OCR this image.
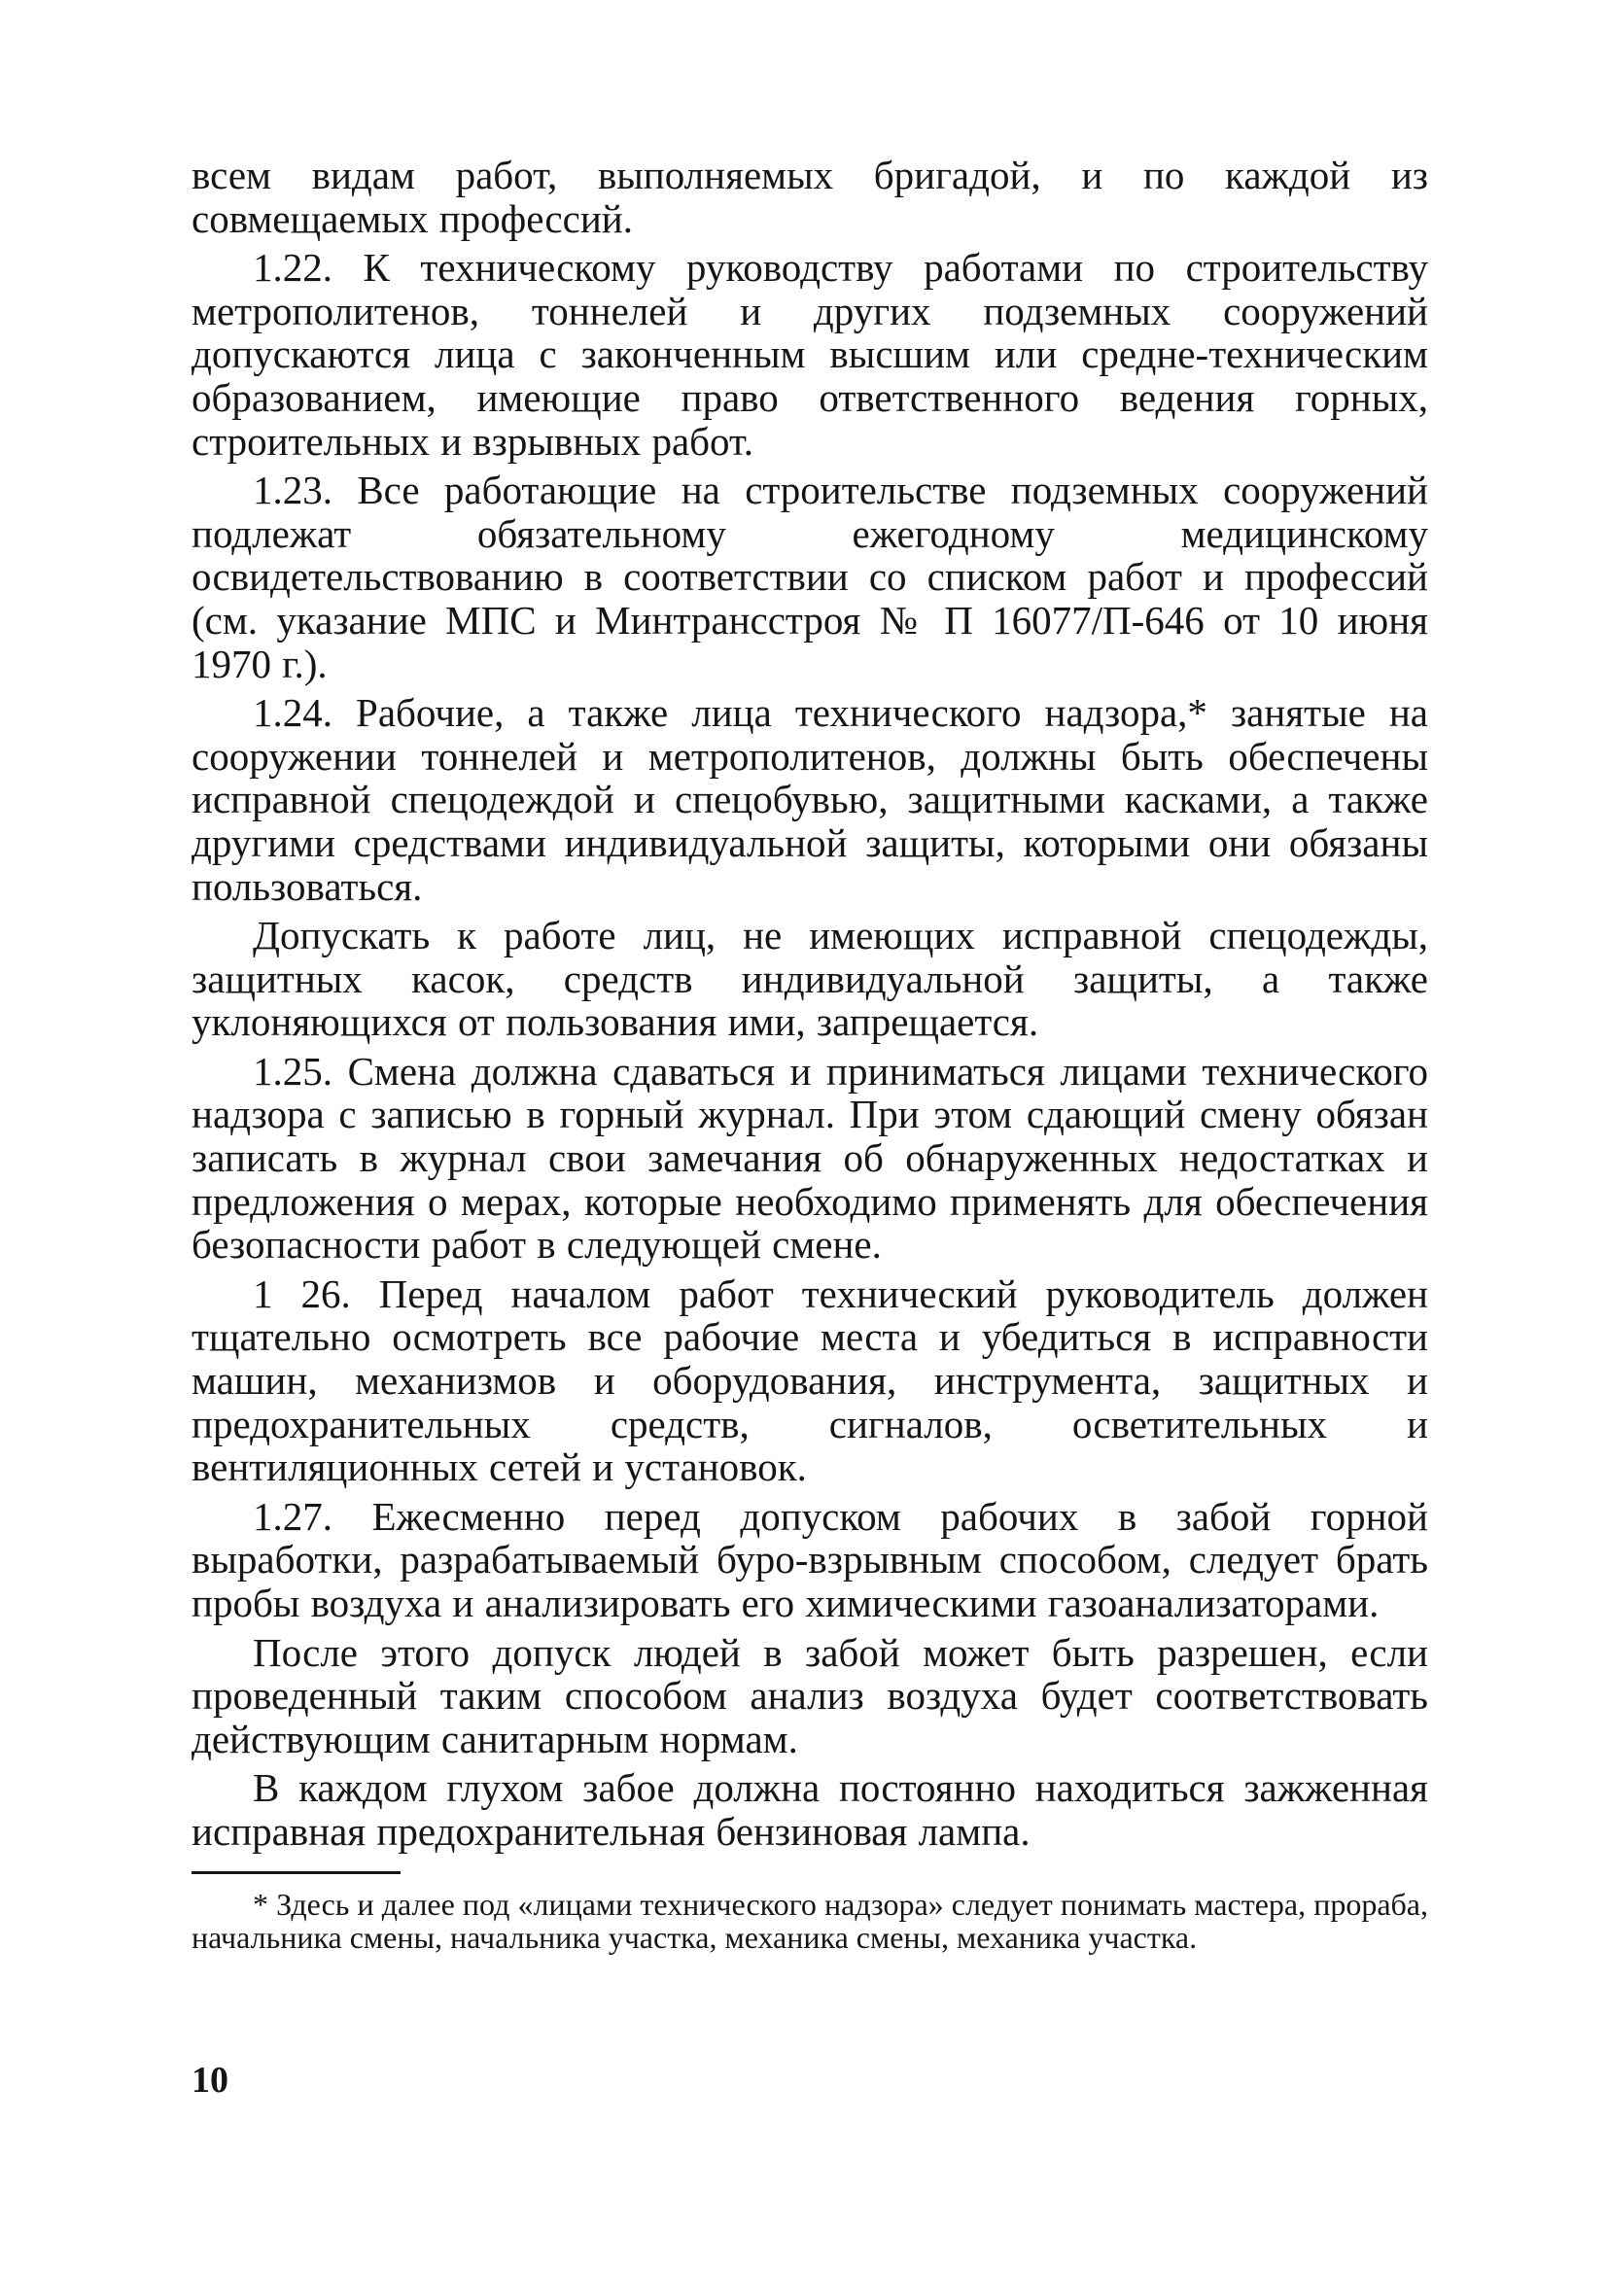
всем видам работ, выполняемых бригадой, и по каждой из совмещаемых профессий.

1.22. К техническому руководству работами по строительству метрополитенов, тоннелей и других подземных сооружений допускаются лица с законченным высшим или средне-техническим образованием, имеющие право ответственного ведения горных, строительных и взрывных работ.

1.23. Все работающие на строительстве подземных сооружений подлежат обязательному ежегодному медицинскому освидетельствованию в соответствии со списком работ и профессий (см. указание МПС и Минтрансстроя № П 16077/П-646 от 10 июня 1970 г.).

1.24. Рабочие, а также лица технического надзора,* занятые на сооружении тоннелей и метрополитенов, должны быть обеспечены исправной спецодеждой и спецобувью, защитными касками, а также другими средствами индивидуальной защиты, которыми они обязаны пользоваться.

Допускать к работе лиц, не имеющих исправной спецодежды, защитных касок, средств индивидуальной защиты, а также уклоняющихся от пользования ими, запрещается.

1.25. Смена должна сдаваться и приниматься лицами технического надзора с записью в горный журнал. При этом сдающий смену обязан записать в журнал свои замечания об обнаруженных недостатках и предложения о мерах, которые необходимо применять для обеспечения безопасности работ в следующей смене.

1 26. Перед началом работ технический руководитель должен тщательно осмотреть все рабочие места и убедиться в исправности машин, механизмов и оборудования, инструмента, защитных и предохранительных средств, сигналов, осветительных и вентиляционных сетей и установок.

1.27. Ежесменно перед допуском рабочих в забой горной выработки, разрабатываемый буро-взрывным способом, следует брать пробы воздуха и анализировать его химическими газоанализаторами.

После этого допуск людей в забой может быть разрешен, если проведенный таким способом анализ воздуха будет соответствовать действующим санитарным нормам.

В каждом глухом забое должна постоянно находиться зажженная исправная предохранительная бензиновая лампа.

* Здесь и далее под «лицами технического надзора» следует понимать мастера, прораба, начальника смены, начальника участка, механика смены, механика участка.

10
